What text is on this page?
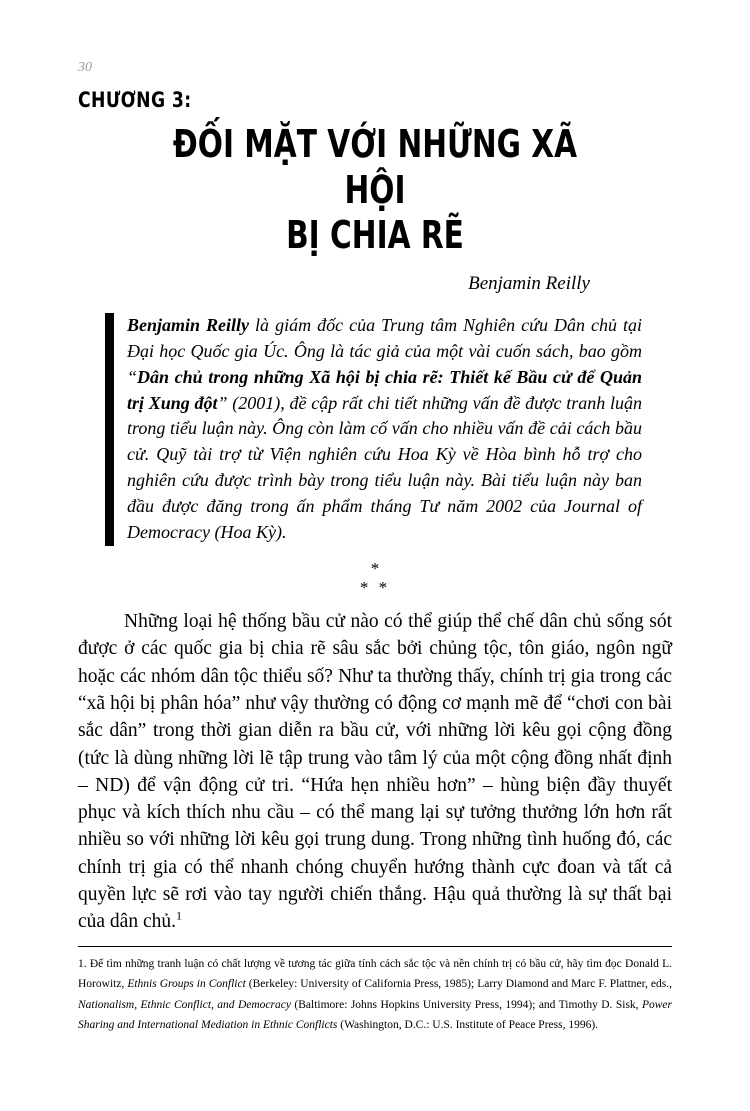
30
CHƯƠNG 3:
ĐỐI MẶT VỚI NHỮNG XÃ HỘI
BỊ CHIA RẼ
Benjamin Reilly
Benjamin Reilly là giám đốc của Trung tâm Nghiên cứu Dân chủ tại Đại học Quốc gia Úc. Ông là tác giả của một vài cuốn sách, bao gồm “Dân chủ trong những Xã hội bị chia rẽ: Thiết kế Bầu cử để Quản trị Xung đột” (2001), đề cập rất chi tiết những vấn đề được tranh luận trong tiểu luận này. Ông còn làm cố vấn cho nhiều vấn đề cải cách bầu cử. Quỹ tài trợ từ Viện nghiên cứu Hoa Kỳ về Hòa bình hỗ trợ cho nghiên cứu được trình bày trong tiểu luận này. Bài tiểu luận này ban đầu được đăng trong ấn phẩm tháng Tư năm 2002 của Journal of Democracy (Hoa Kỳ).
*
* *
Những loại hệ thống bầu cử nào có thể giúp thể chế dân chủ sống sót được ở các quốc gia bị chia rẽ sâu sắc bởi chủng tộc, tôn giáo, ngôn ngữ hoặc các nhóm dân tộc thiểu số? Như ta thường thấy, chính trị gia trong các “xã hội bị phân hóa” như vậy thường có động cơ mạnh mẽ để “chơi con bài sắc dân” trong thời gian diễn ra bầu cử, với những lời kêu gọi cộng đồng (tức là dùng những lời lẽ tập trung vào tâm lý của một cộng đồng nhất định – ND) để vận động cử tri. “Hứa hẹn nhiều hơn” – hùng biện đầy thuyết phục và kích thích nhu cầu – có thể mang lại sự tưởng thưởng lớn hơn rất nhiều so với những lời kêu gọi trung dung. Trong những tình huống đó, các chính trị gia có thể nhanh chóng chuyển hướng thành cực đoan và tất cả quyền lực sẽ rơi vào tay người chiến thắng. Hậu quả thường là sự thất bại của dân chủ.$^1$
1. Để tìm những tranh luận có chất lượng về tương tác giữa tính cách sắc tộc và nền chính trị có bầu cử, hãy tìm đọc Donald L. Horowitz, Ethnis Groups in Conflict (Berkeley: University of California Press, 1985); Larry Diamond and Marc F. Plattner, eds., Nationalism, Ethnic Conflict, and Democracy (Baltimore: Johns Hopkins University Press, 1994); and Timothy D. Sisk, Power Sharing and International Mediation in Ethnic Conflicts (Washington, D.C.: U.S. Institute of Peace Press, 1996).
